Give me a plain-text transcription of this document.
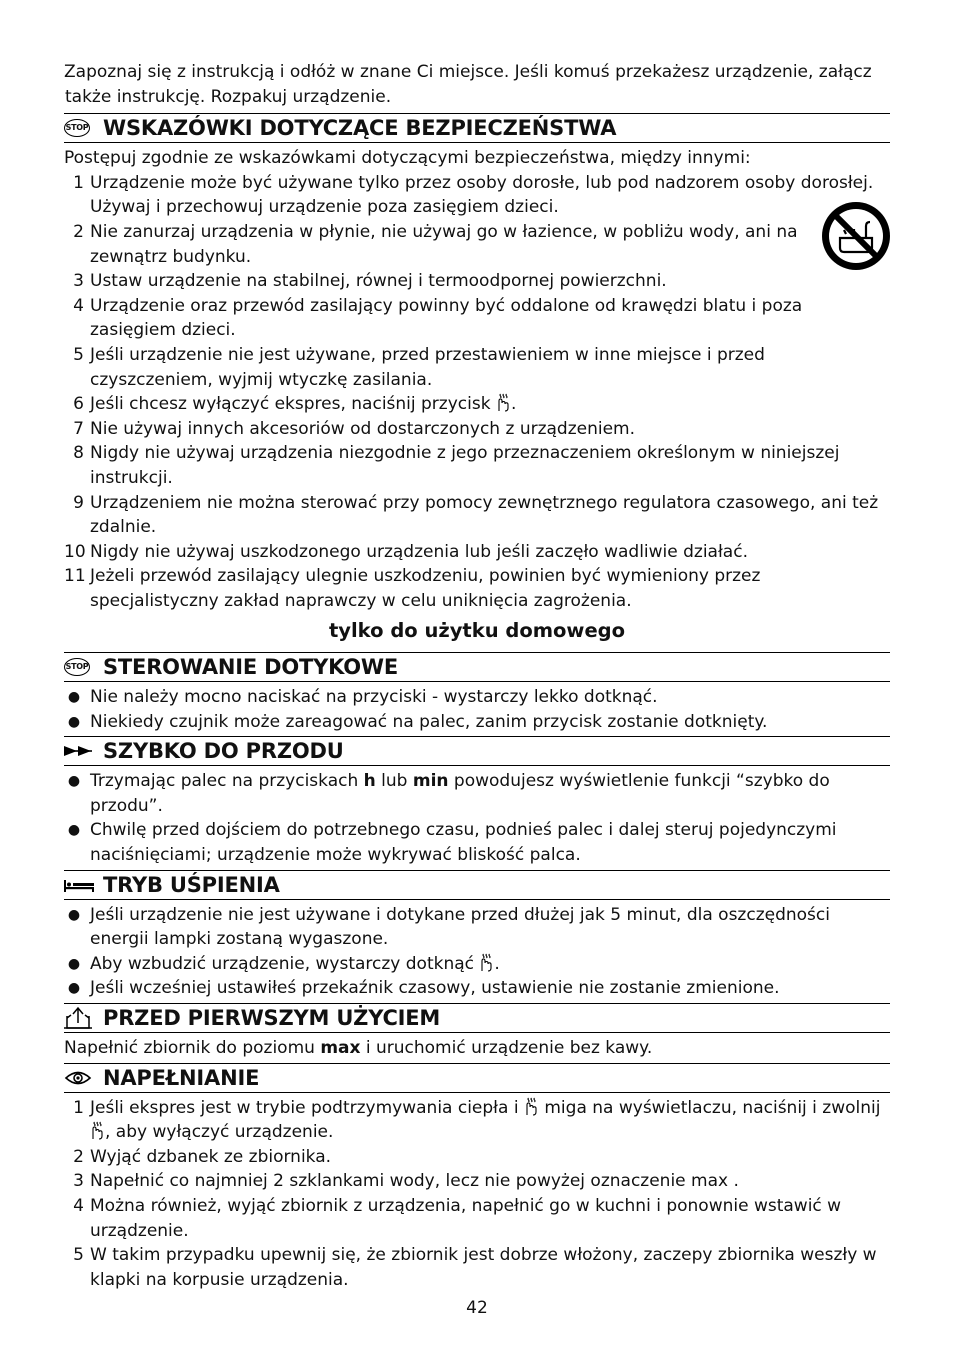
Zapoznaj się z instrukcją i odłóż w znane Ci miejsce. Jeśli komuś przekażesz urządzenie, załącz
także instrukcję. Rozpakuj urządzenie.
STOP WSKAZÓWKI DOTYCZĄCE BEZPIECZEŃSTWA

Postępuj zgodnie ze wskazówkami dotyczącymi bezpieczeństwa, między innymi:

1 Urządzenie może być używane tylko przez osoby dorosłe, lub pod nadzorem osoby dorosłej. Używaj i przechowuj urządzenie poza zasięgiem dzieci.
2 Nie zanurzaj urządzenia w płynie, nie używaj go w łazience, w pobliżu wody, ani na zewnątrz budynku.
3 Ustaw urządzenie na stabilnej, równej i termoodpornej powierzchni.
4 Urządzenie oraz przewód zasilający powinny być oddalone od krawędzi blatu i poza zasięgiem dzieci.
5 Jeśli urządzenie nie jest używane, przed przestawieniem w inne miejsce i przed czyszczeniem, wyjmij wtyczkę zasilania.
6 Jeśli chcesz wyłączyć ekspres, naciśnij przycisk .
7 Nie używaj innych akcesoriów od dostarczonych z urządzeniem.
8 Nigdy nie używaj urządzenia niezgodnie z jego przeznaczeniem określonym w niniejszej instrukcji.
9 Urządzeniem nie można sterować przy pomocy zewnętrznego regulatora czasowego, ani też zdalnie.
10 Nigdy nie używaj uszkodzonego urządzenia lub jeśli zaczęło wadliwie działać.
11 Jeżeli przewód zasilający ulegnie uszkodzeniu, powinien być wymieniony przez specjalistyczny zakład naprawczy w celu uniknięcia zagrożenia.
tylko do użytku domowego
STOP STEROWANIE DOTYKOWE
● Nie należy mocno naciskać na przyciski - wystarczy lekko dotknąć.
● Niekiedy czujnik może zareagować na palec, zanim przycisk zostanie dotknięty.
SZYBKO DO PRZODU
● Trzymając palec na przyciskach h lub min powodujesz wyświetlenie funkcji “szybko do przodu”.
● Chwilę przed dojściem do potrzebnego czasu, podnieś palec i dalej steruj pojedynczymi naciśnięciami; urządzenie może wykrywać bliskość palca.
TRYB UŚPIENIA
● Jeśli urządzenie nie jest używane i dotykane przed dłużej jak 5 minut, dla oszczędności energii lampki zostaną wygaszone.
● Aby wzbudzić urządzenie, wystarczy dotknąć .
● Jeśli wcześniej ustawiłeś przekaźnik czasowy, ustawienie nie zostanie zmienione.
PRZED PIERWSZYM UŻYCIEM

Napełnić zbiornik do poziomu max i uruchomić urządzenie bez kawy.

NAPEŁNIANIE
1 Jeśli ekspres jest w trybie podtrzymywania ciepła i  miga na wyświetlaczu, naciśnij i zwolnij , aby wyłączyć urządzenie.
2 Wyjąć dzbanek ze zbiornika.
3 Napełnić co najmniej 2 szklankami wody, lecz nie powyżej oznaczenie max .
4 Można również, wyjąć zbiornik z urządzenia, napełnić go w kuchni i ponownie wstawić w urządzenie.
5 W takim przypadku upewnij się, że zbiornik jest dobrze włożony, zaczepy zbiornika weszły w klapki na korpusie urządzenia.
42
